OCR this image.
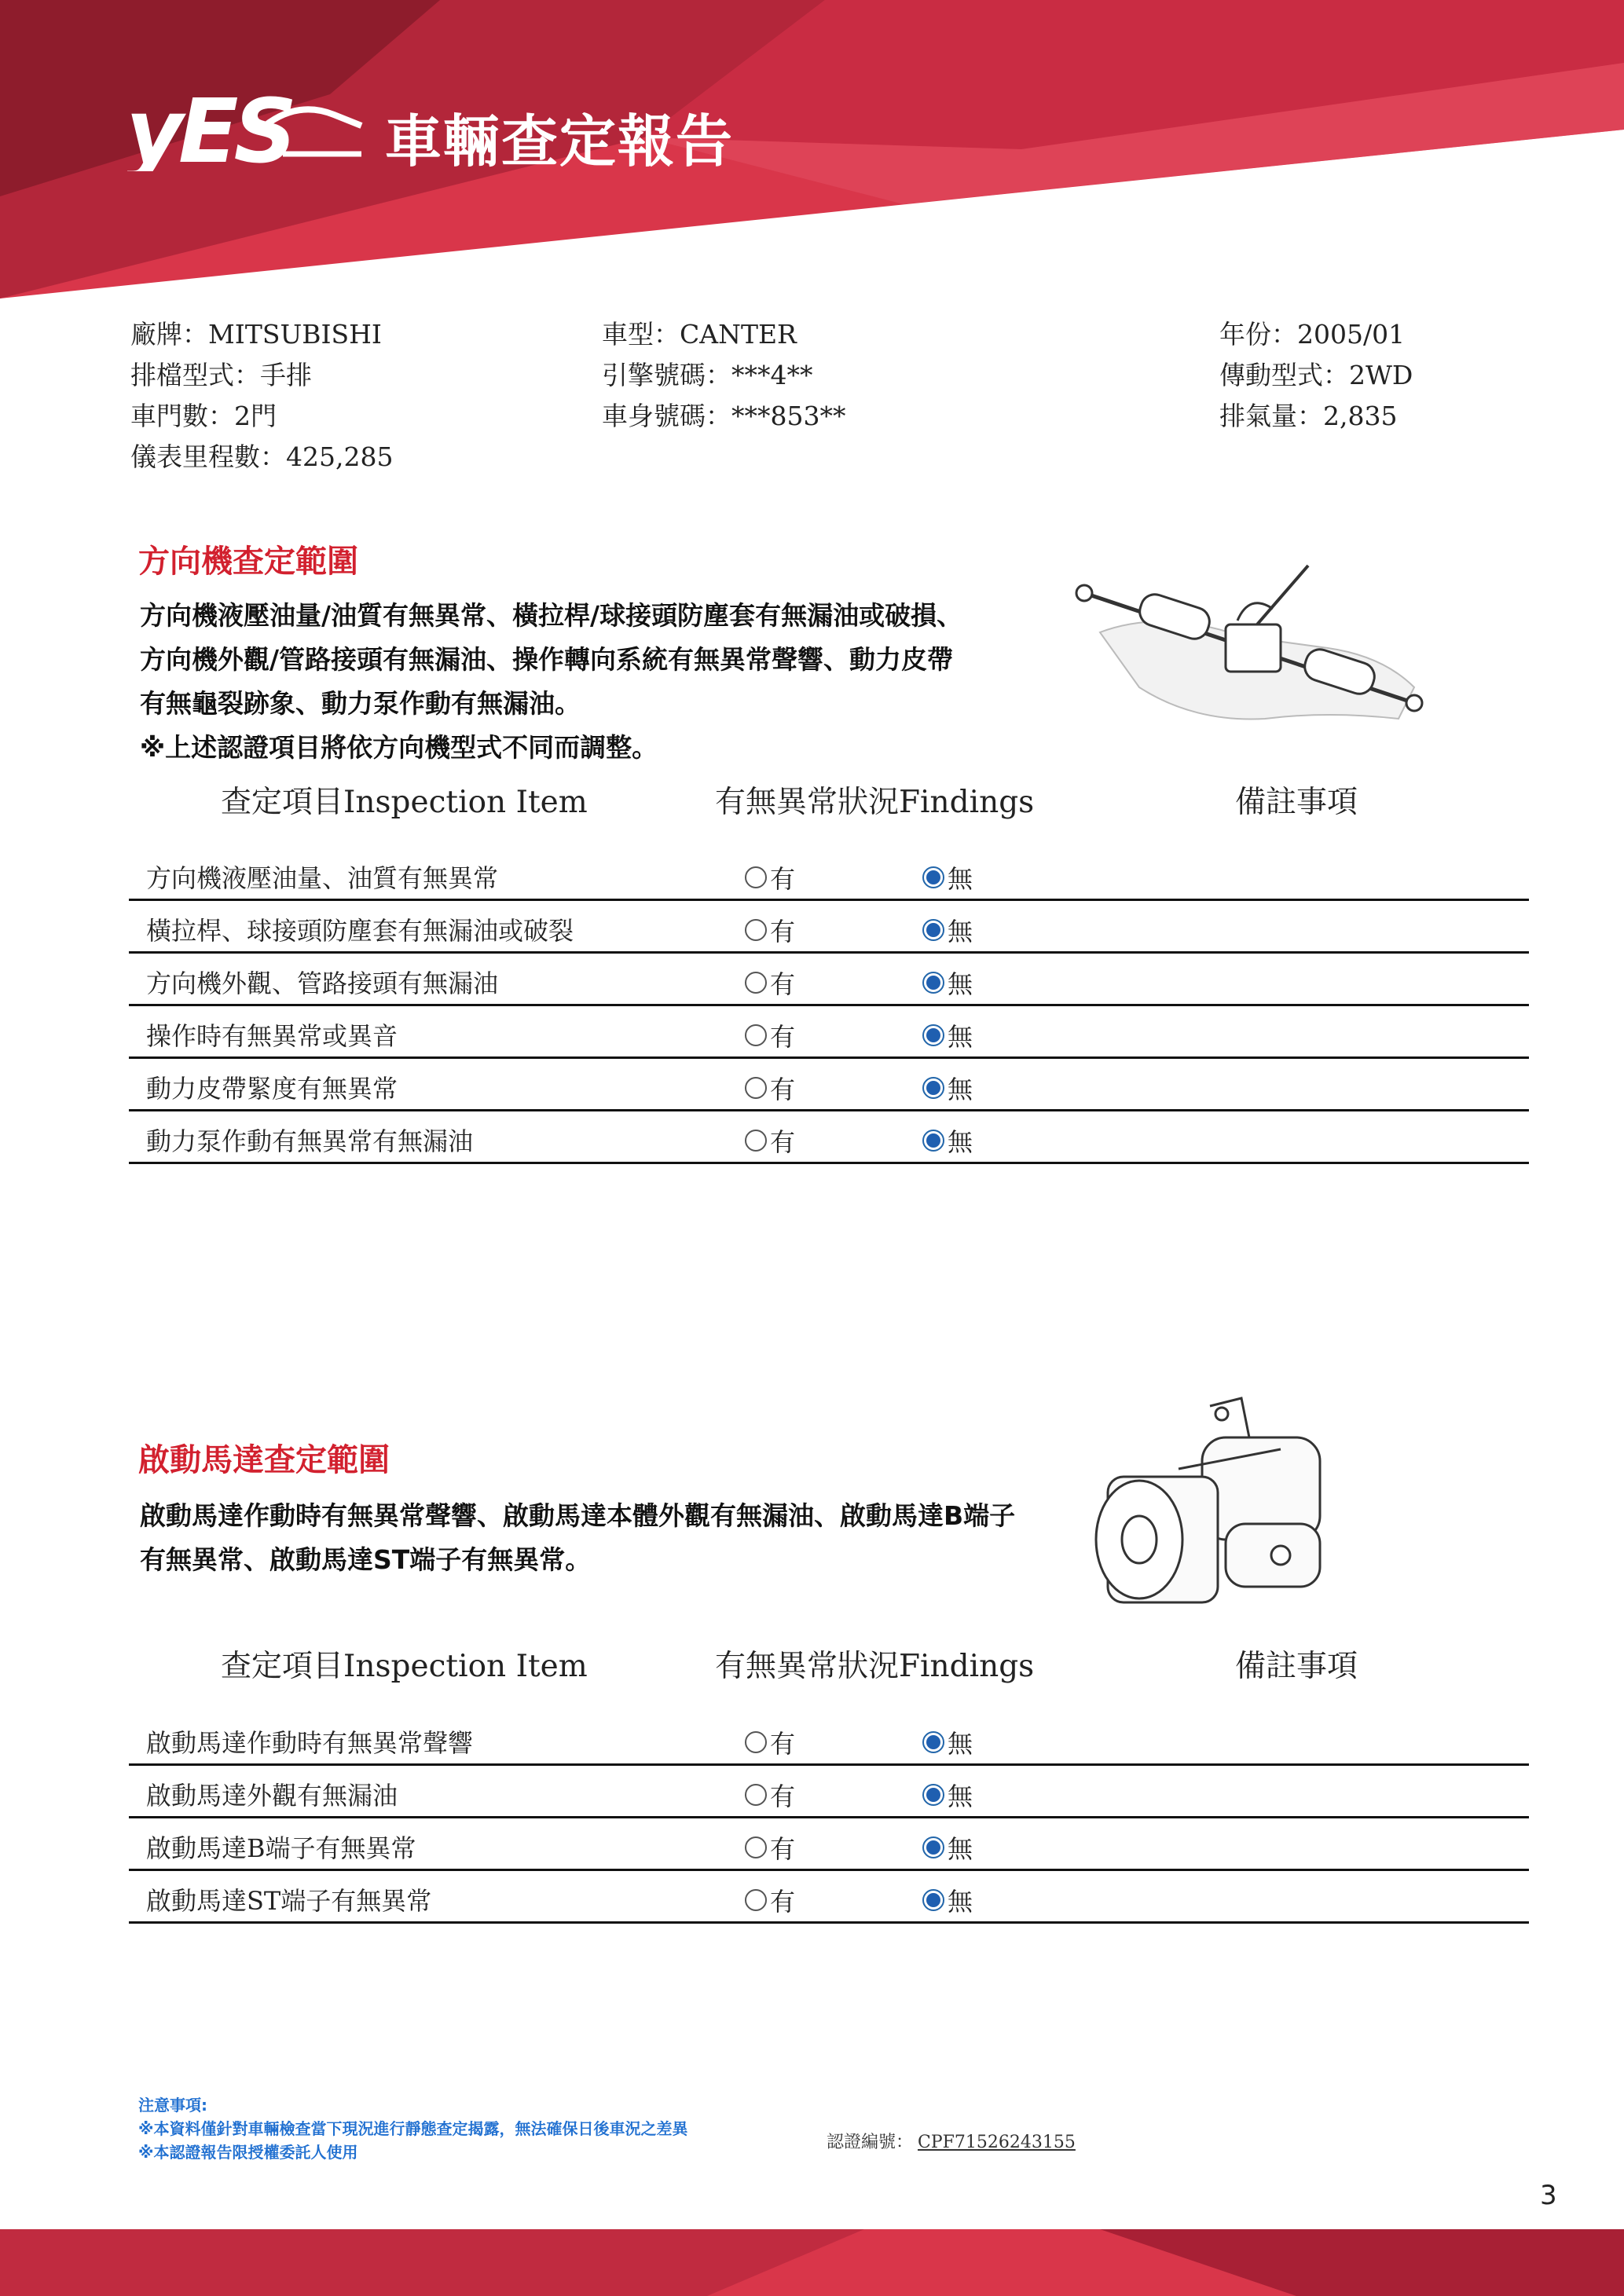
yES 車輛查定報告
廠牌：MITSUBISHI	車型：CANTER	年份：2005/01
排檔型式：手排	引擎號碼：***4**	傳動型式：2WD
車門數：2門	車身號碼：***853**	排氣量：2,835
儀表里程數：425,285
方向機查定範圍
方向機液壓油量/油質有無異常、橫拉桿/球接頭防塵套有無漏油或破損、
方向機外觀/管路接頭有無漏油、操作轉向系統有無異常聲響、動力皮帶
有無龜裂跡象、動力泵作動有無漏油。
※上述認證項目將依方向機型式不同而調整。
查定項目Inspection Item	有無異常狀況Findings	備註事項
方向機液壓油量、油質有無異常	有	無
橫拉桿、球接頭防塵套有無漏油或破裂	有	無
方向機外觀、管路接頭有無漏油	有	無
操作時有無異常或異音	有	無
動力皮帶緊度有無異常	有	無
動力泵作動有無異常有無漏油	有	無
啟動馬達查定範圍
啟動馬達作動時有無異常聲響、啟動馬達本體外觀有無漏油、啟動馬達B端子
有無異常、啟動馬達ST端子有無異常。
查定項目Inspection Item	有無異常狀況Findings	備註事項
啟動馬達作動時有無異常聲響	有	無
啟動馬達外觀有無漏油	有	無
啟動馬達B端子有無異常	有	無
啟動馬達ST端子有無異常	有	無
注意事項:
※本資料僅針對車輛檢查當下現況進行靜態查定揭露，無法確保日後車況之差異
※本認證報告限授權委託人使用	認證編號： CPF71526243155
3
